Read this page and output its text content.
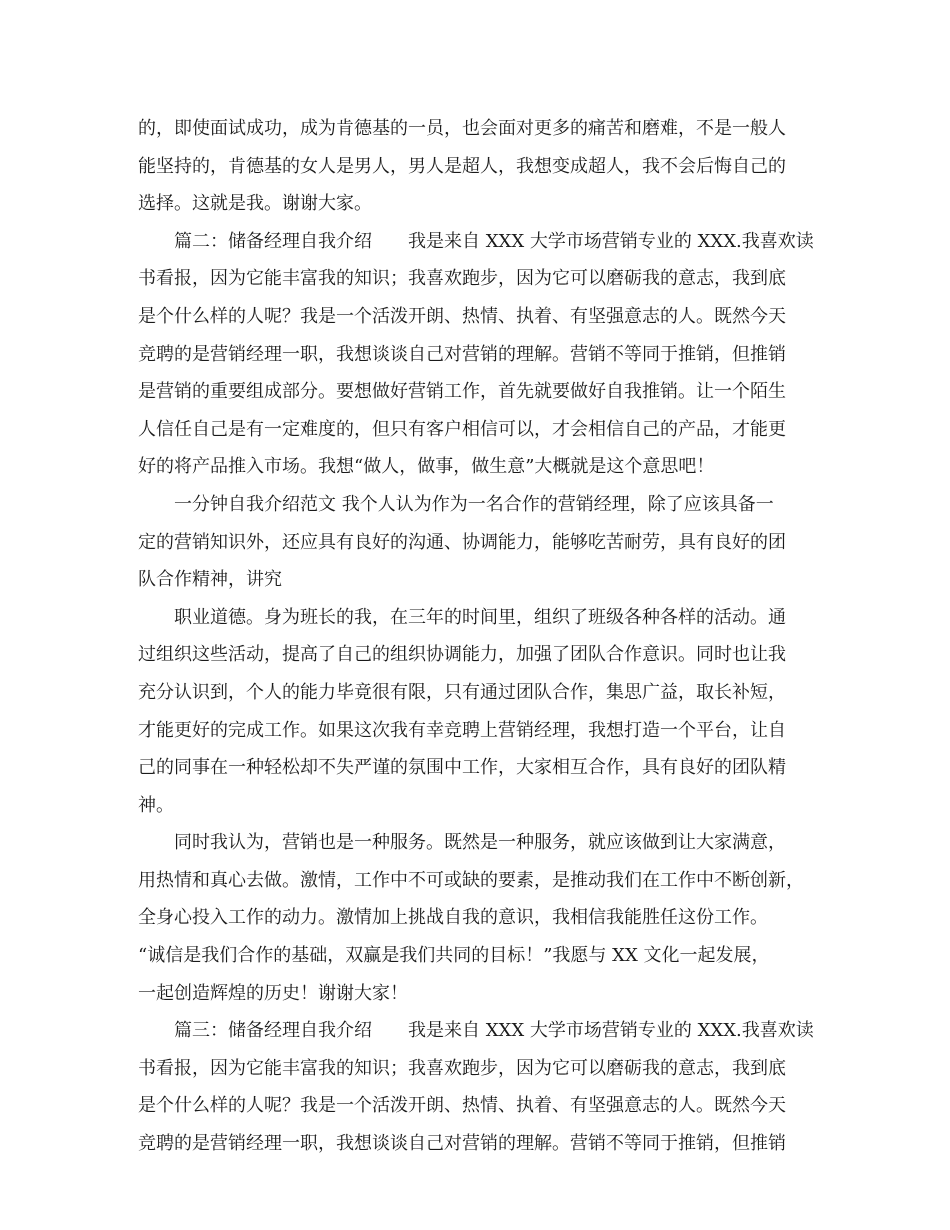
的，即使面试成功，成为肯德基的一员，也会面对更多的痛苦和磨难，不是一般人
能坚持的，肯德基的女人是男人，男人是超人，我想变成超人，我不会后悔自己的
选择。这就是我。谢谢大家。
篇二：储备经理自我介绍　　我是来自 XXX 大学市场营销专业的 XXX.我喜欢读
书看报，因为它能丰富我的知识；我喜欢跑步，因为它可以磨砺我的意志，我到底
是个什么样的人呢？我是一个活泼开朗、热情、执着、有坚强意志的人。既然今天
竞聘的是营销经理一职，我想谈谈自己对营销的理解。营销不等同于推销，但推销
是营销的重要组成部分。要想做好营销工作，首先就要做好自我推销。让一个陌生
人信任自己是有一定难度的，但只有客户相信可以，才会相信自己的产品，才能更
好的将产品推入市场。我想“做人，做事，做生意”大概就是这个意思吧！
一分钟自我介绍范文 我个人认为作为一名合作的营销经理，除了应该具备一
定的营销知识外，还应具有良好的沟通、协调能力，能够吃苦耐劳，具有良好的团
队合作精神，讲究
职业道德。身为班长的我，在三年的时间里，组织了班级各种各样的活动。通
过组织这些活动，提高了自己的组织协调能力，加强了团队合作意识。同时也让我
充分认识到，个人的能力毕竟很有限，只有通过团队合作，集思广益，取长补短，
才能更好的完成工作。如果这次我有幸竞聘上营销经理，我想打造一个平台，让自
己的同事在一种轻松却不失严谨的氛围中工作，大家相互合作，具有良好的团队精
神。
同时我认为，营销也是一种服务。既然是一种服务，就应该做到让大家满意，
用热情和真心去做。激情，工作中不可或缺的要素，是推动我们在工作中不断创新，
全身心投入工作的动力。激情加上挑战自我的意识，我相信我能胜任这份工作。
“诚信是我们合作的基础，双赢是我们共同的目标！”我愿与 XX 文化一起发展，
一起创造辉煌的历史！谢谢大家！
篇三：储备经理自我介绍　　我是来自 XXX 大学市场营销专业的 XXX.我喜欢读
书看报，因为它能丰富我的知识；我喜欢跑步，因为它可以磨砺我的意志，我到底
是个什么样的人呢？我是一个活泼开朗、热情、执着、有坚强意志的人。既然今天
竞聘的是营销经理一职，我想谈谈自己对营销的理解。营销不等同于推销，但推销
